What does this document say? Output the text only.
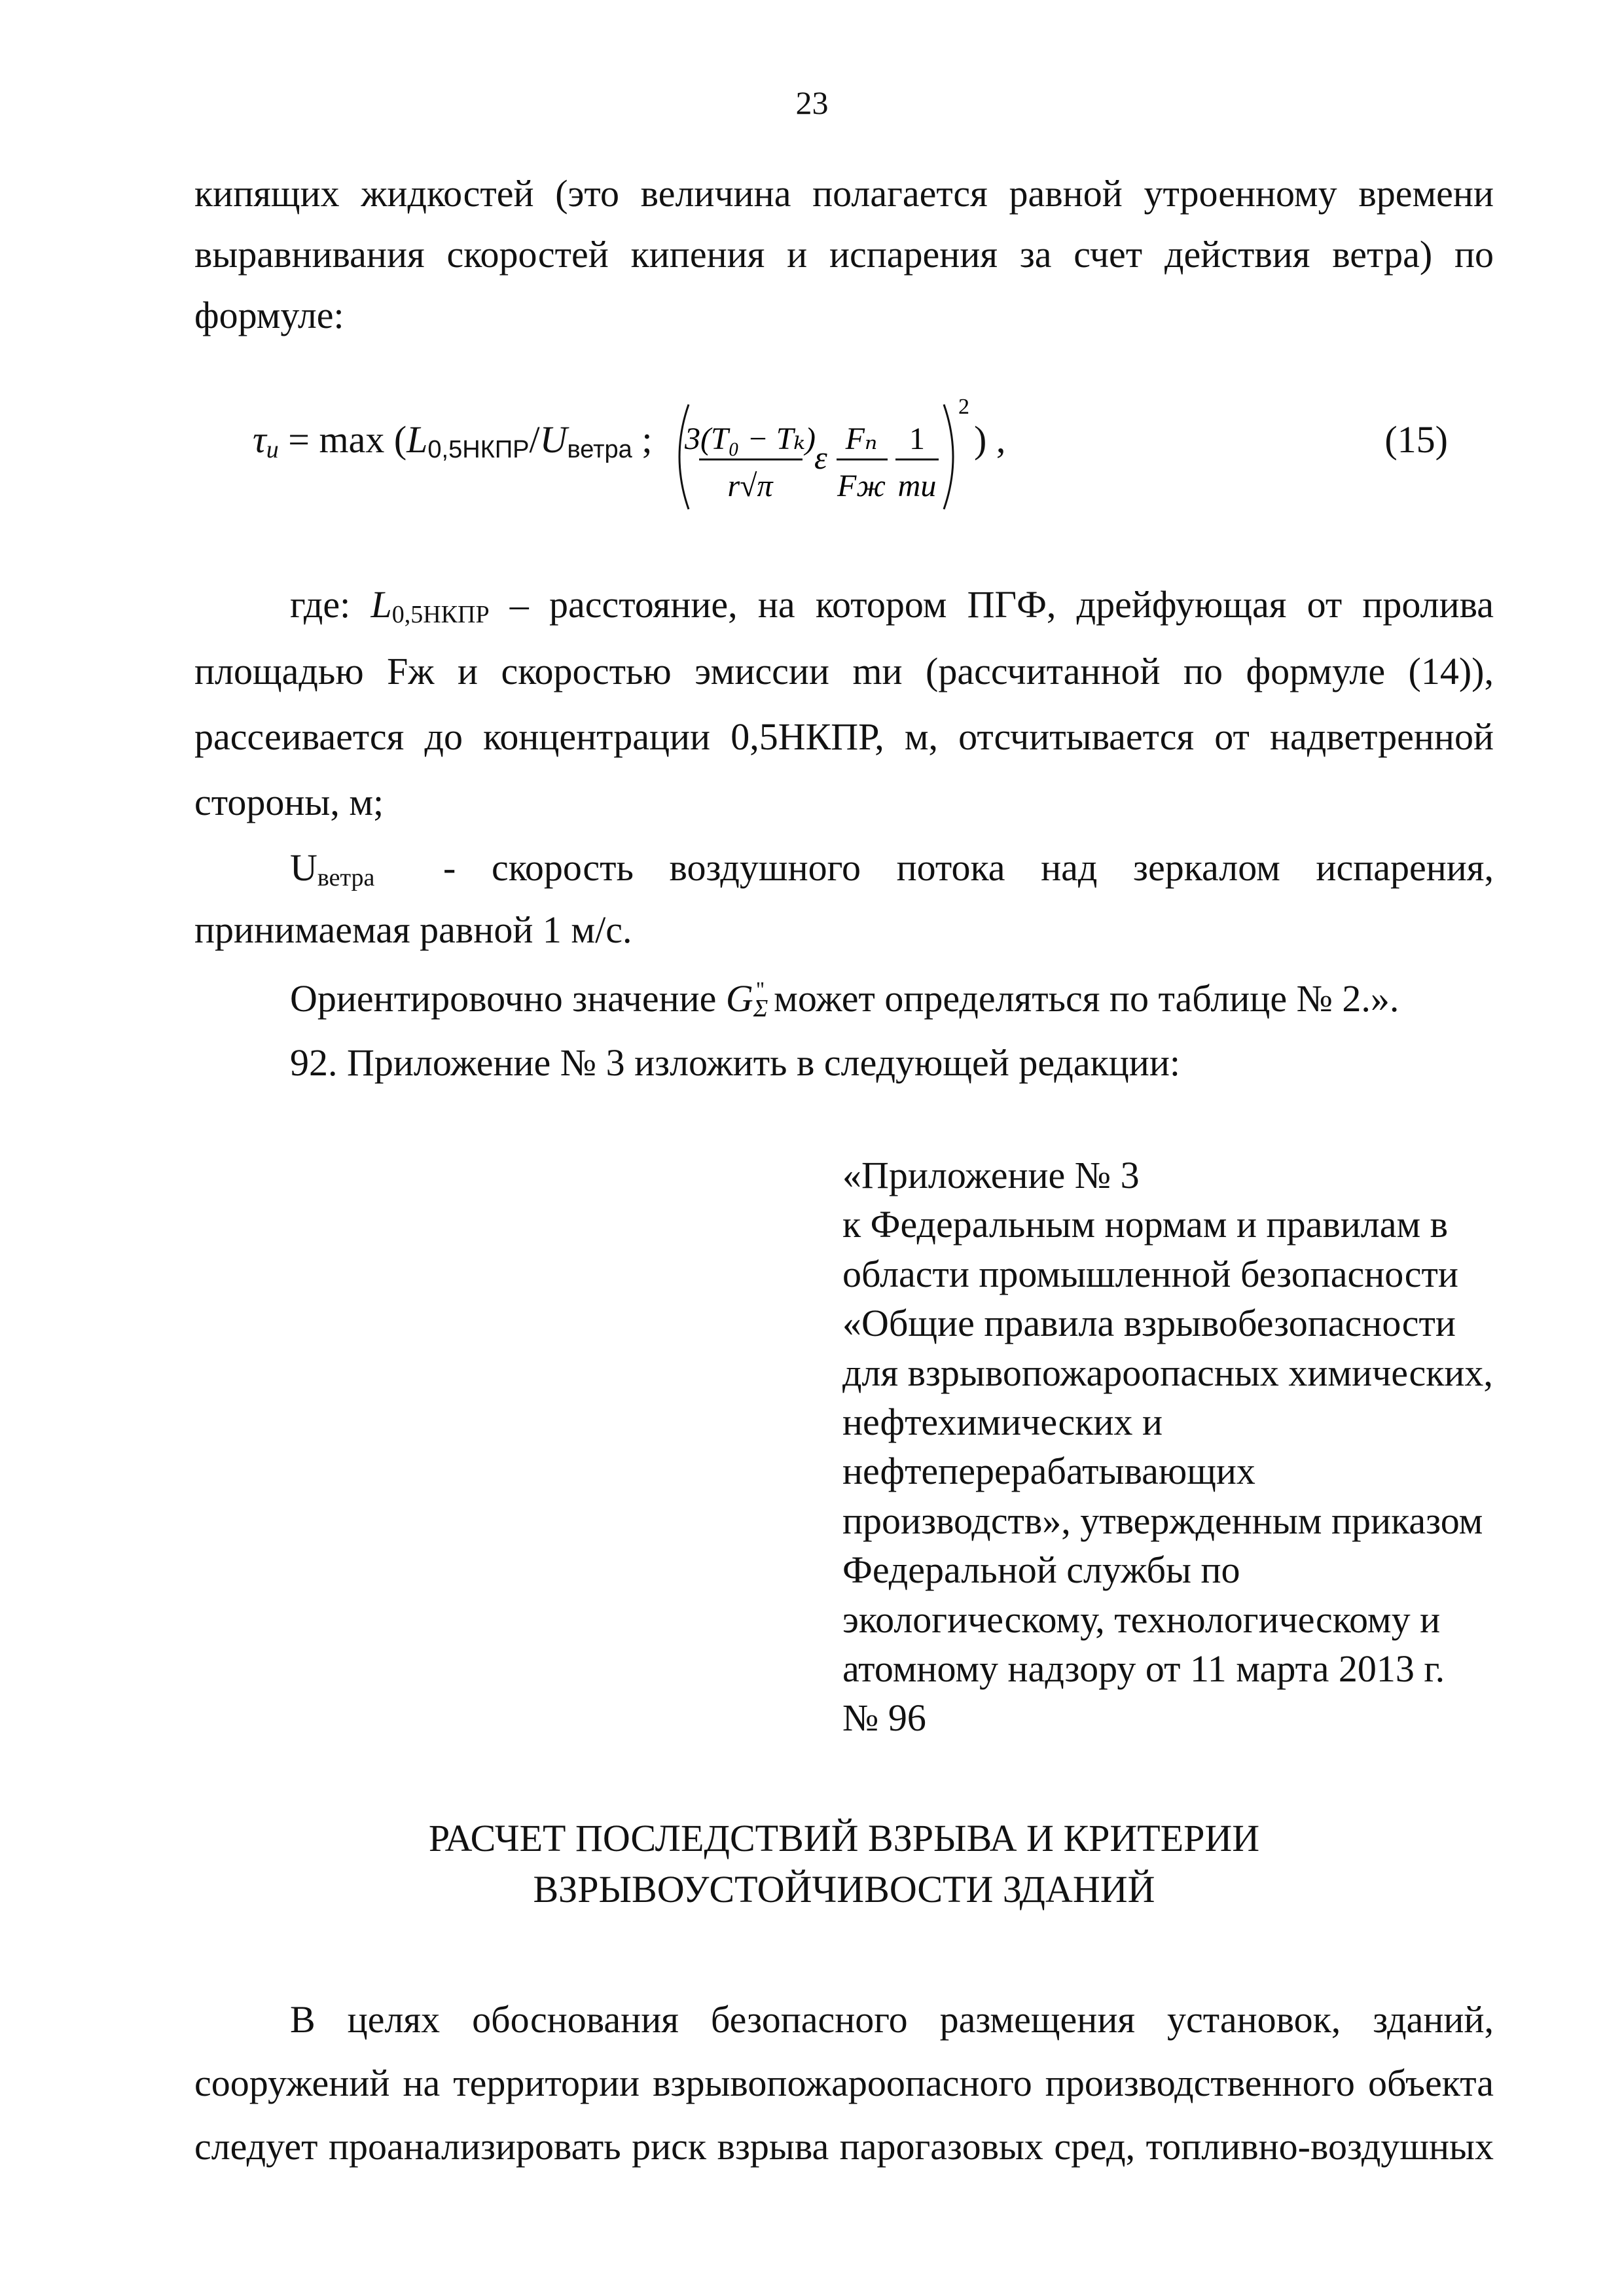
23
кипящих жидкостей (это величина полагается равной утроенному времени
выравнивания скоростей кипения и испарения за счет действия ветра) по
формуле:
$\tau_и = \max (L_{0,5НКПР}/U_{ветра}$ ;
2
3(T₀ − Tₖ)
r√π
ε
Fₙ
Fж
1
mи
) ,	(15)
где: $L_{0,5НКПР}$ – расстояние, на котором ПГФ, дрейфующая от пролива
площадью Fж и скоростью эмиссии mи (рассчитанной по формуле (14)),
рассеивается до концентрации 0,5НКПР, м, отсчитывается от надветренной
стороны, м;
$U_{ветра}$ - скорость воздушного потока над зеркалом испарения,
принимаемая равной 1 м/с.
Ориентировочно значение $G_\Sigma''$ может определяться по таблице № 2.».
92. Приложение № 3 изложить в следующей редакции:
«Приложение № 3
к Федеральным нормам и правилам в
области промышленной безопасности
«Общие правила взрывобезопасности
для взрывопожароопасных химических,
нефтехимических и
нефтеперерабатывающих
производств», утвержденным приказом
Федеральной службы по
экологическому, технологическому и
атомному надзору от 11 марта 2013 г.
№ 96
РАСЧЕТ ПОСЛЕДСТВИЙ ВЗРЫВА И КРИТЕРИИ
ВЗРЫВОУСТОЙЧИВОСТИ ЗДАНИЙ
В целях обоснования безопасного размещения установок, зданий,
сооружений на территории взрывопожароопасного производственного объекта
следует проанализировать риск взрыва парогазовых сред, топливно-воздушных
